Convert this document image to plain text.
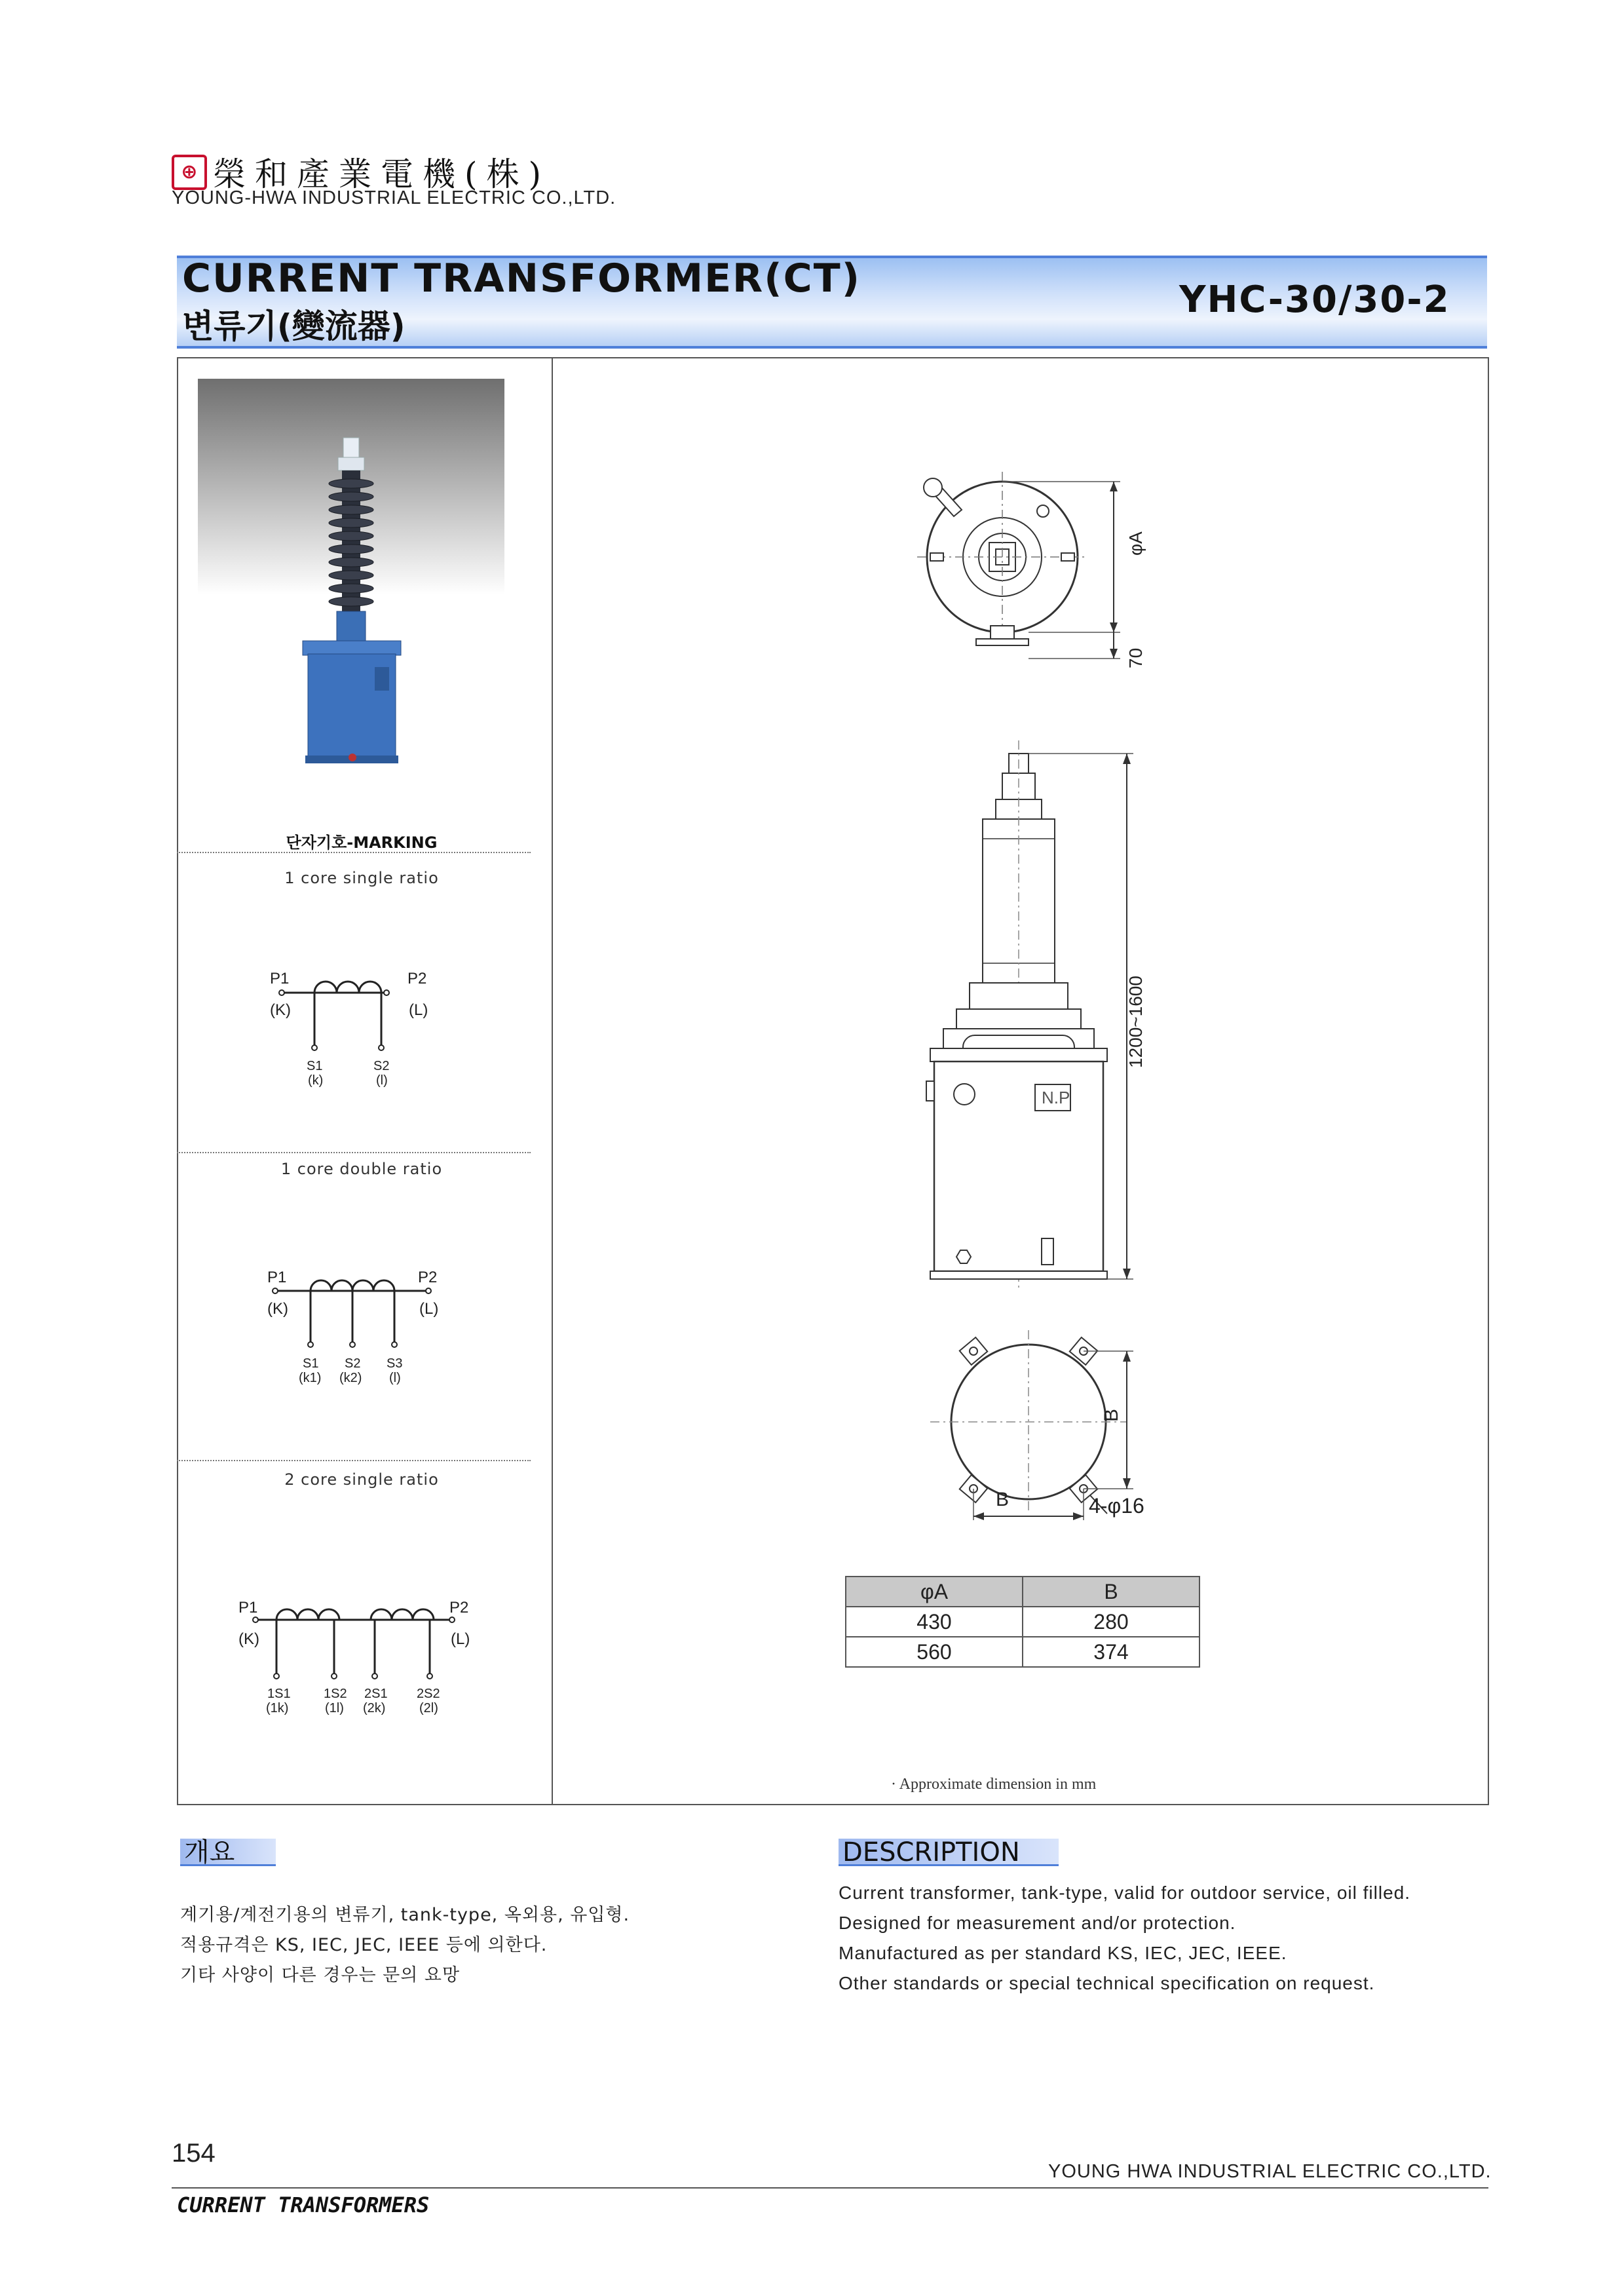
⊕ 榮和產業電機(株)
YOUNG-HWA INDUSTRIAL ELECTRIC CO.,LTD.
CURRENT TRANSFORMER(CT)
변류기(變流器)
YHC-30/30-2
단자기호-MARKING
1 core single ratio
P1
(K)
P2
(L)
S1
(k)
S2
(l)
1 core double ratio
P1
(K)
P2
(L)
S1
(k1)
S2
(k2)
S3
(l)
2 core single ratio
P1
(K)
P2
(L)
1S1
(1k)
1S2
(1l)
2S1
(2k)
2S2
(2l)
φA
70
N.P
1200~1600
B
B	4-φ16
φA	B
430	280
560	374
· Approximate dimension in mm
개요
계기용/계전기용의 변류기, tank-type, 옥외용, 유입형.
적용규격은 KS, IEC, JEC, IEEE 등에 의한다.
기타 사양이 다른 경우는 문의 요망
DESCRIPTION
Current transformer, tank-type, valid for outdoor service, oil filled.
Designed for measurement and/or protection.
Manufactured as per standard KS, IEC, JEC, IEEE.
Other standards or special technical specification on request.
154
YOUNG HWA INDUSTRIAL ELECTRIC CO.,LTD.
CURRENT TRANSFORMERS
